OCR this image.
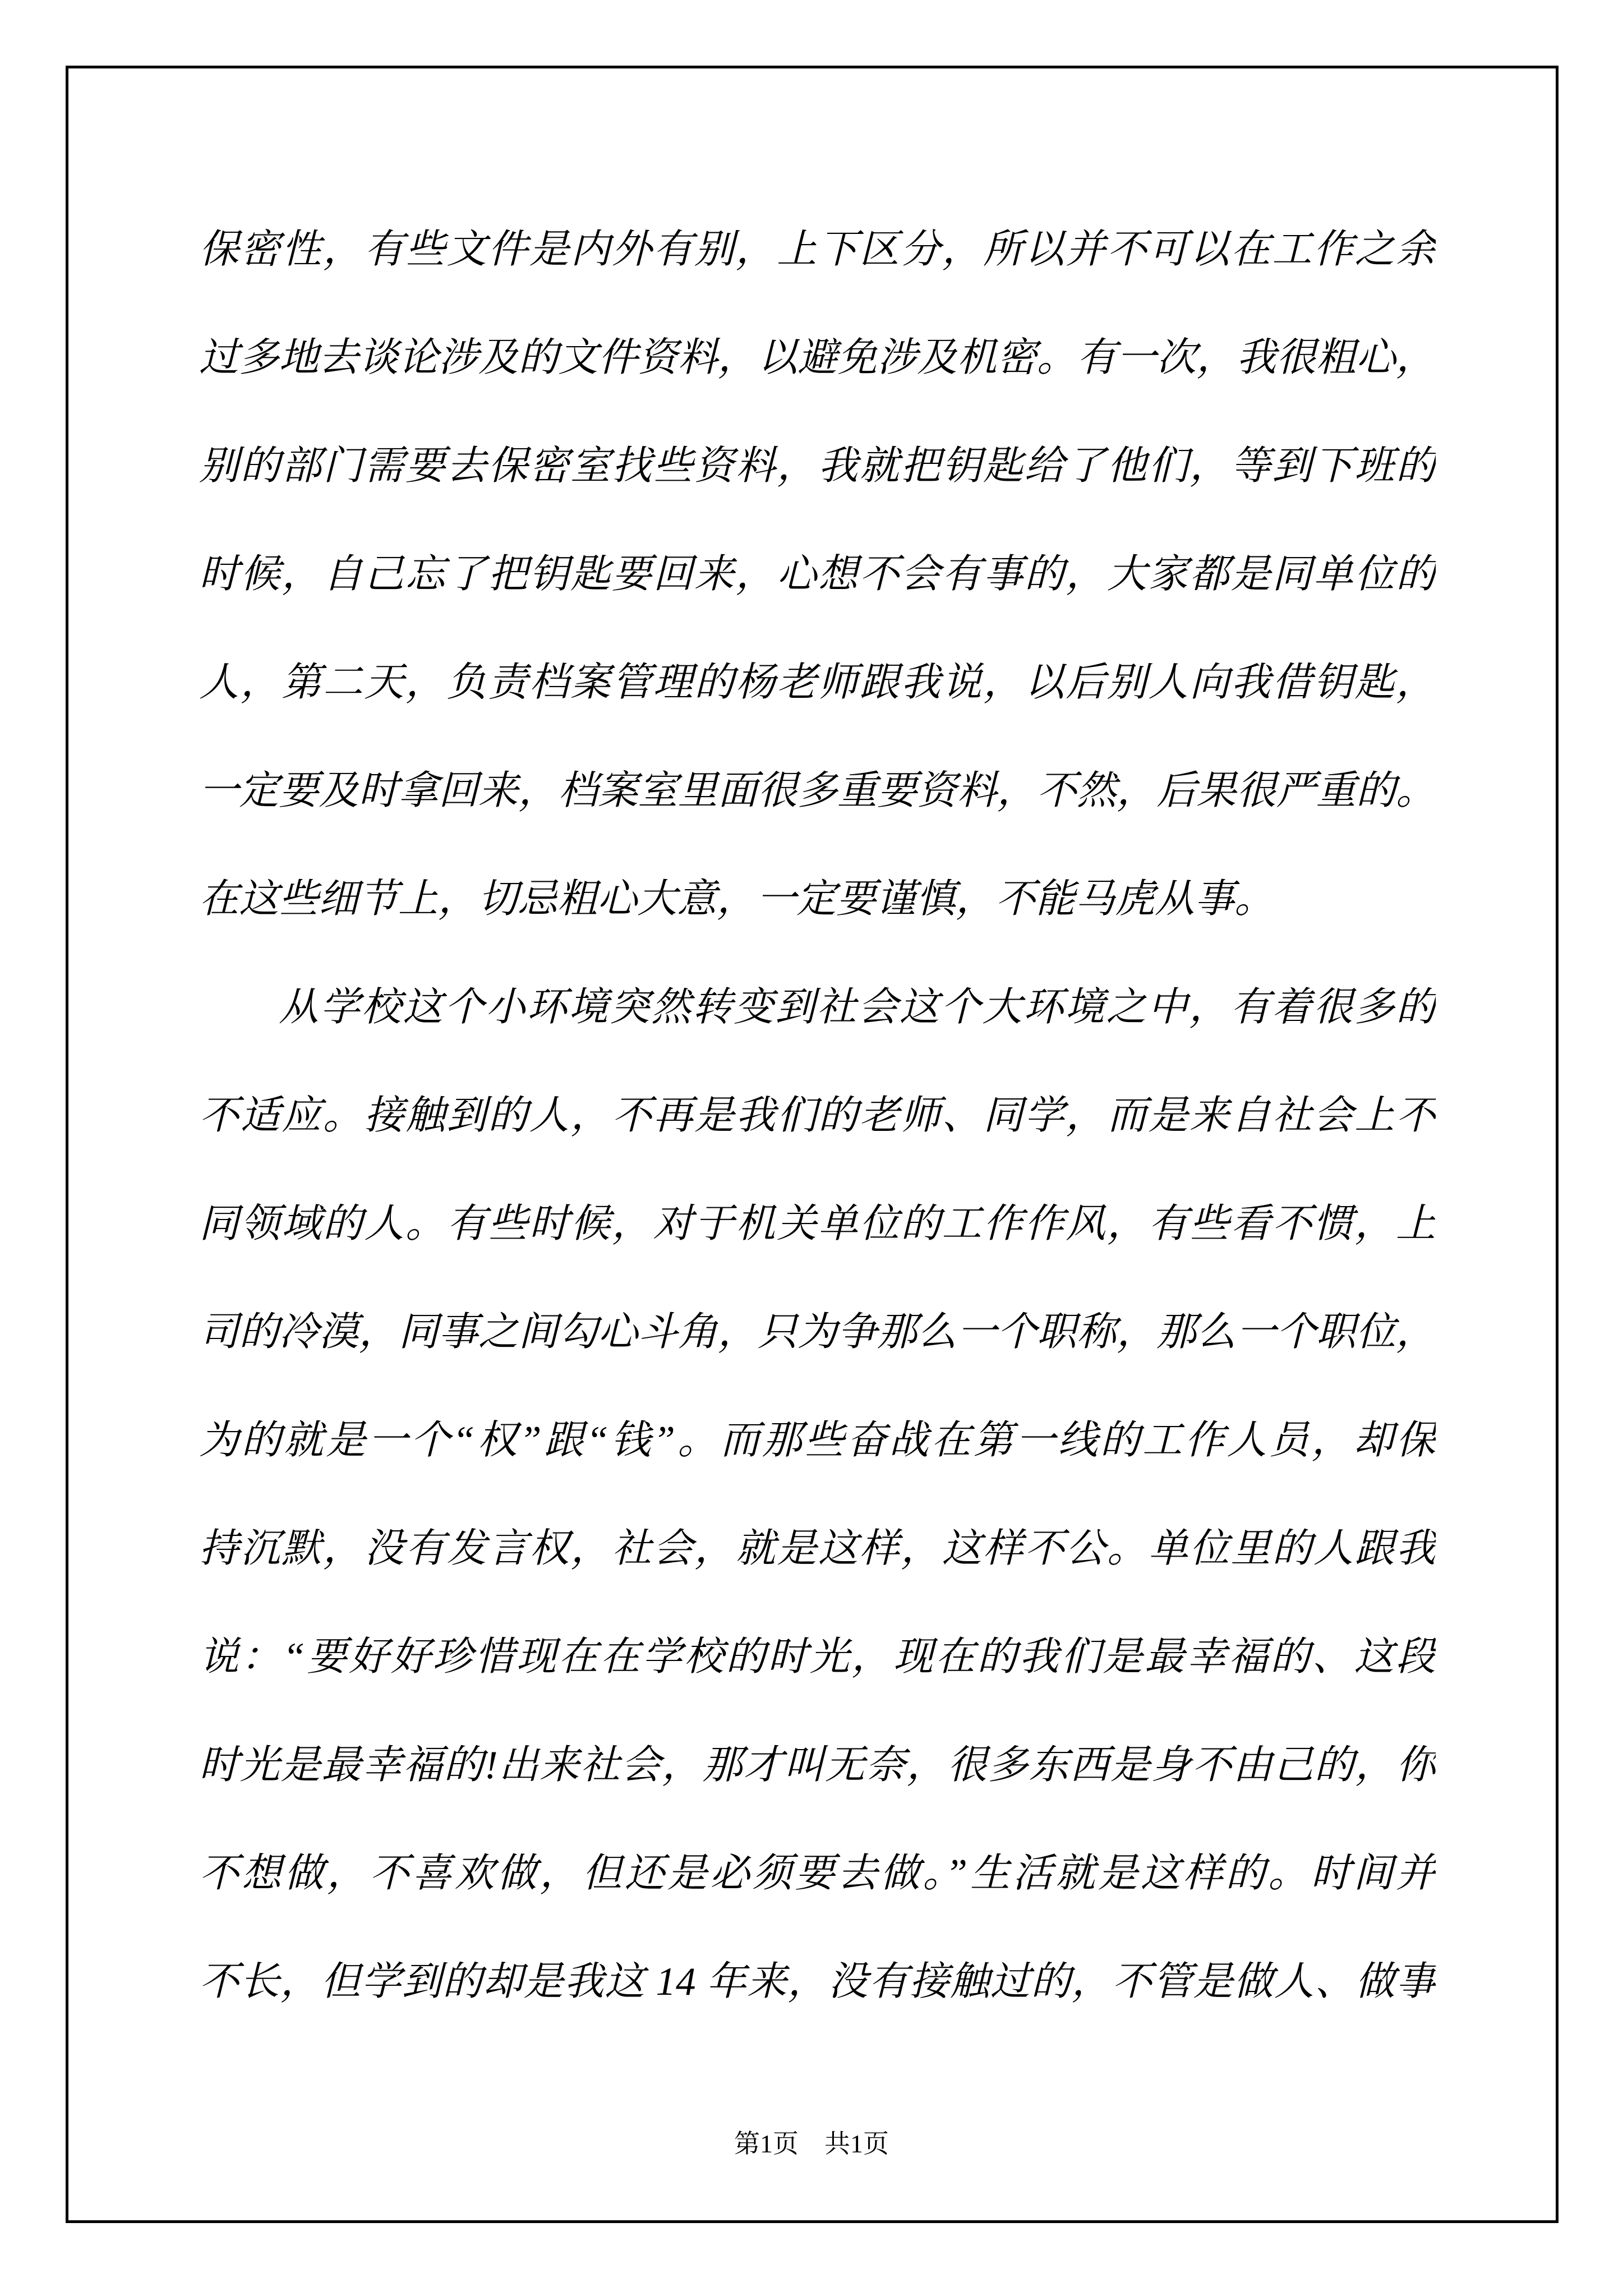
保密性，有些文件是内外有别，上下区分，所以并不可以在工作之余
过多地去谈论涉及的文件资料，以避免涉及机密。有一次，我很粗心，
别的部门需要去保密室找些资料，我就把钥匙给了他们，等到下班的
时候，自己忘了把钥匙要回来，心想不会有事的，大家都是同单位的
人，第二天，负责档案管理的杨老师跟我说，以后别人向我借钥匙，
一定要及时拿回来，档案室里面很多重要资料，不然，后果很严重的。
在这些细节上，切忌粗心大意，一定要谨慎，不能马虎从事。
从学校这个小环境突然转变到社会这个大环境之中，有着很多的
不适应。接触到的人，不再是我们的老师、同学，而是来自社会上不
同领域的人。有些时候，对于机关单位的工作作风，有些看不惯，上
司的冷漠，同事之间勾心斗角，只为争那么一个职称，那么一个职位，
为的就是一个“权”跟“钱”。而那些奋战在第一线的工作人员，却保
持沉默，没有发言权，社会，就是这样，这样不公。单位里的人跟我
说：“要好好珍惜现在在学校的时光，现在的我们是最幸福的、这段
时光是最幸福的!出来社会，那才叫无奈，很多东西是身不由己的，你
不想做，不喜欢做，但还是必须要去做。”生活就是这样的。时间并
不长，但学到的却是我这 14 年来，没有接触过的，不管是做人、做事
第1页　共1页
